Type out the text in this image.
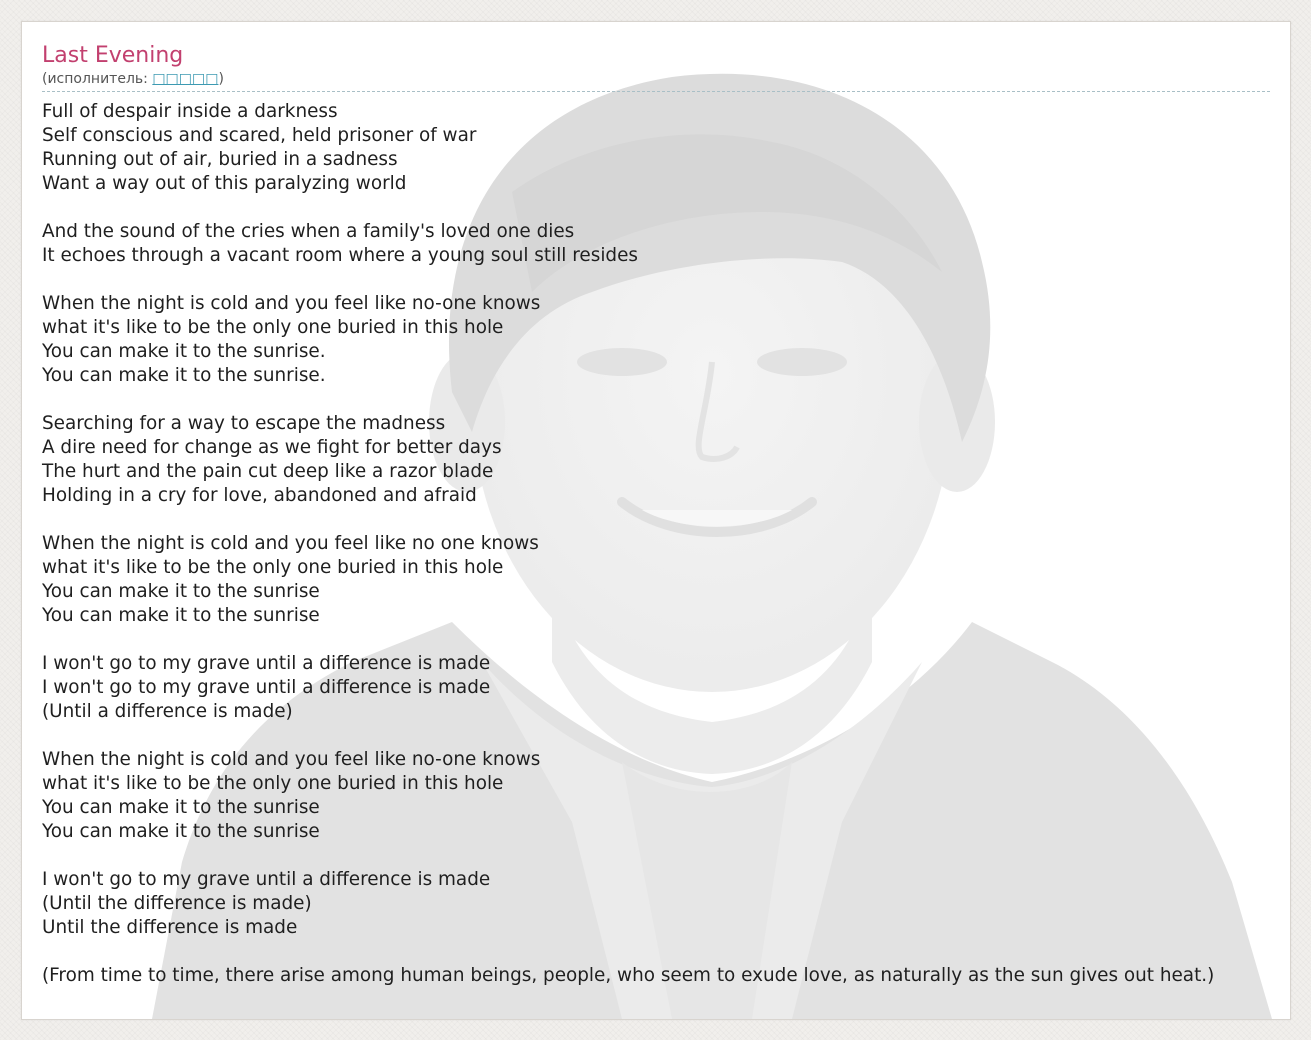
Last Evening
(исполнитель: □□□□□)
Full of despair inside a darkness
Self conscious and scared, held prisoner of war
Running out of air, buried in a sadness
Want a way out of this paralyzing world

And the sound of the cries when a family's loved one dies
It echoes through a vacant room where a young soul still resides

When the night is cold and you feel like no-one knows
what it's like to be the only one buried in this hole
You can make it to the sunrise.
You can make it to the sunrise.

Searching for a way to escape the madness
A dire need for change as we fight for better days
The hurt and the pain cut deep like a razor blade
Holding in a cry for love, abandoned and afraid

When the night is cold and you feel like no one knows
what it's like to be the only one buried in this hole
You can make it to the sunrise
You can make it to the sunrise

I won't go to my grave until a difference is made
I won't go to my grave until a difference is made
(Until a difference is made)

When the night is cold and you feel like no-one knows
what it's like to be the only one buried in this hole
You can make it to the sunrise
You can make it to the sunrise

I won't go to my grave until a difference is made
(Until the difference is made)
Until the difference is made

(From time to time, there arise among human beings, people, who seem to exude love, as naturally as the sun gives out heat.)
